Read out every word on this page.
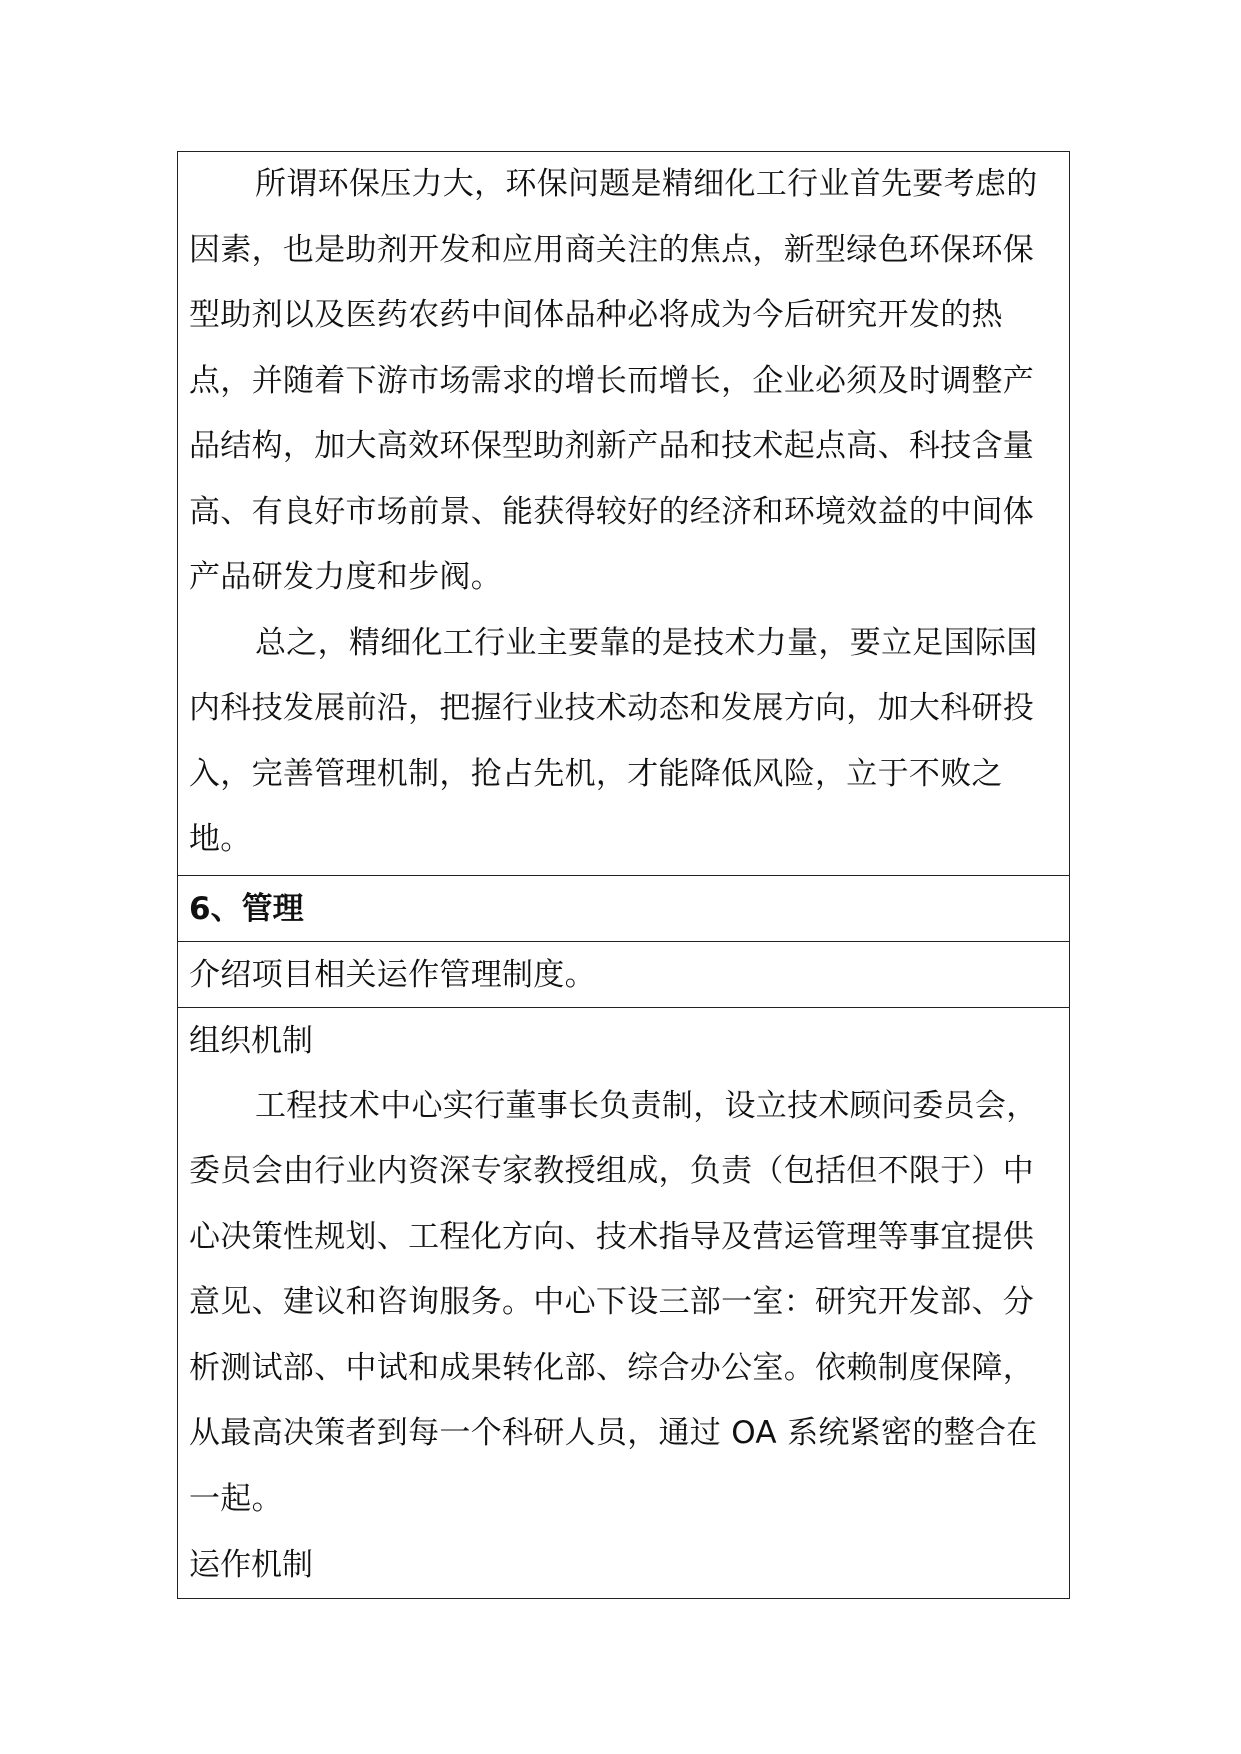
所谓环保压力大，环保问题是精细化工行业首先要考虑的因素，也是助剂开发和应用商关注的焦点，新型绿色环保环保型助剂以及医药农药中间体品种必将成为今后研究开发的热点，并随着下游市场需求的增长而增长，企业必须及时调整产品结构，加大高效环保型助剂新产品和技术起点高、科技含量高、有良好市场前景、能获得较好的经济和环境效益的中间体产品研发力度和步阀。

总之，精细化工行业主要靠的是技术力量，要立足国际国内科技发展前沿，把握行业技术动态和发展方向，加大科研投入，完善管理机制，抢占先机，才能降低风险，立于不败之地。

6、管理

介绍项目相关运作管理制度。

组织机制

工程技术中心实行董事长负责制，设立技术顾问委员会，委员会由行业内资深专家教授组成，负责（包括但不限于）中心决策性规划、工程化方向、技术指导及营运管理等事宜提供意见、建议和咨询服务。中心下设三部一室：研究开发部、分析测试部、中试和成果转化部、综合办公室。依赖制度保障，从最高决策者到每一个科研人员，通过 OA 系统紧密的整合在一起。

运作机制
